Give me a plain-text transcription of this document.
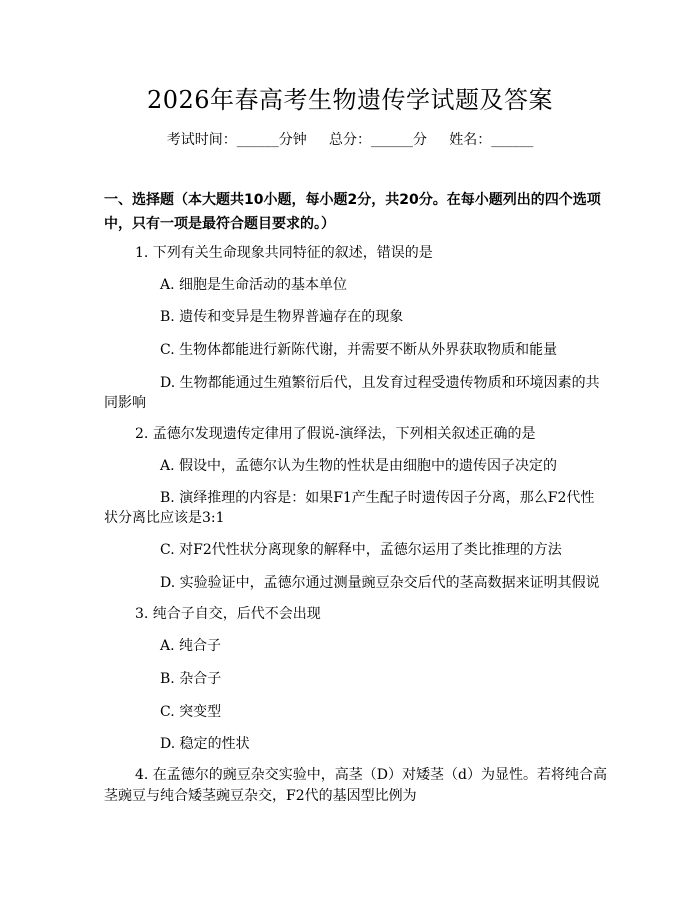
2026年春高考生物遗传学试题及答案
考试时间：______分钟     总分：______分     姓名：______
一、选择题（本大题共10小题，每小题2分，共20分。在每小题列出的四个选项中，只有一项是最符合题目要求的。）
1. 下列有关生命现象共同特征的叙述，错误的是
A. 细胞是生命活动的基本单位
B. 遗传和变异是生物界普遍存在的现象
C. 生物体都能进行新陈代谢，并需要不断从外界获取物质和能量
D. 生物都能通过生殖繁衍后代，且发育过程受遗传物质和环境因素的共
同影响
2. 孟德尔发现遗传定律用了假说-演绎法，下列相关叙述正确的是
A. 假设中，孟德尔认为生物的性状是由细胞中的遗传因子决定的
B. 演绎推理的内容是：如果F1产生配子时遗传因子分离，那么F2代性
状分离比应该是3:1
C. 对F2代性状分离现象的解释中，孟德尔运用了类比推理的方法
D. 实验验证中，孟德尔通过测量豌豆杂交后代的茎高数据来证明其假说
3. 纯合子自交，后代不会出现
A. 纯合子
B. 杂合子
C. 突变型
D. 稳定的性状
4. 在孟德尔的豌豆杂交实验中，高茎（D）对矮茎（d）为显性。若将纯合高
茎豌豆与纯合矮茎豌豆杂交，F2代的基因型比例为
